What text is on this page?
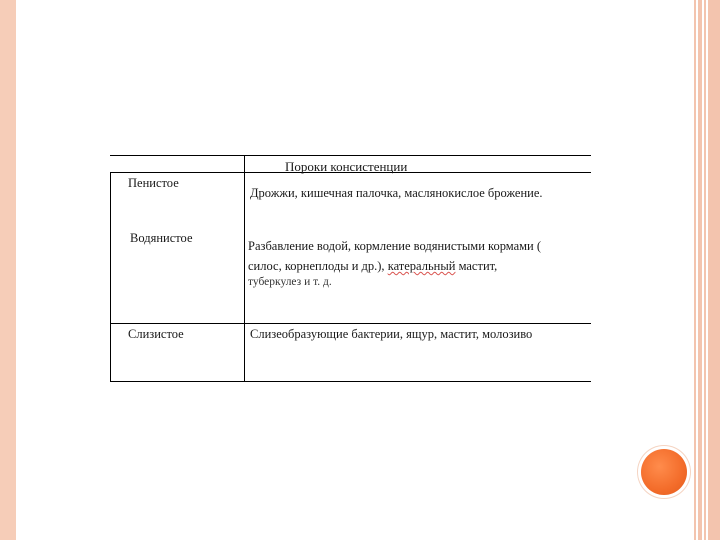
Пороки консистенции
Пенистое
Водянистое
Слизистое
Дрожжи, кишечная палочка, маслянокислое брожение.
Разбавление водой, кормление водянистыми кормами (
силос, корнеплоды и др.), катеральный мастит,
туберкулез и т. д.
Слизеобразующие бактерии, ящур, мастит, молозиво
